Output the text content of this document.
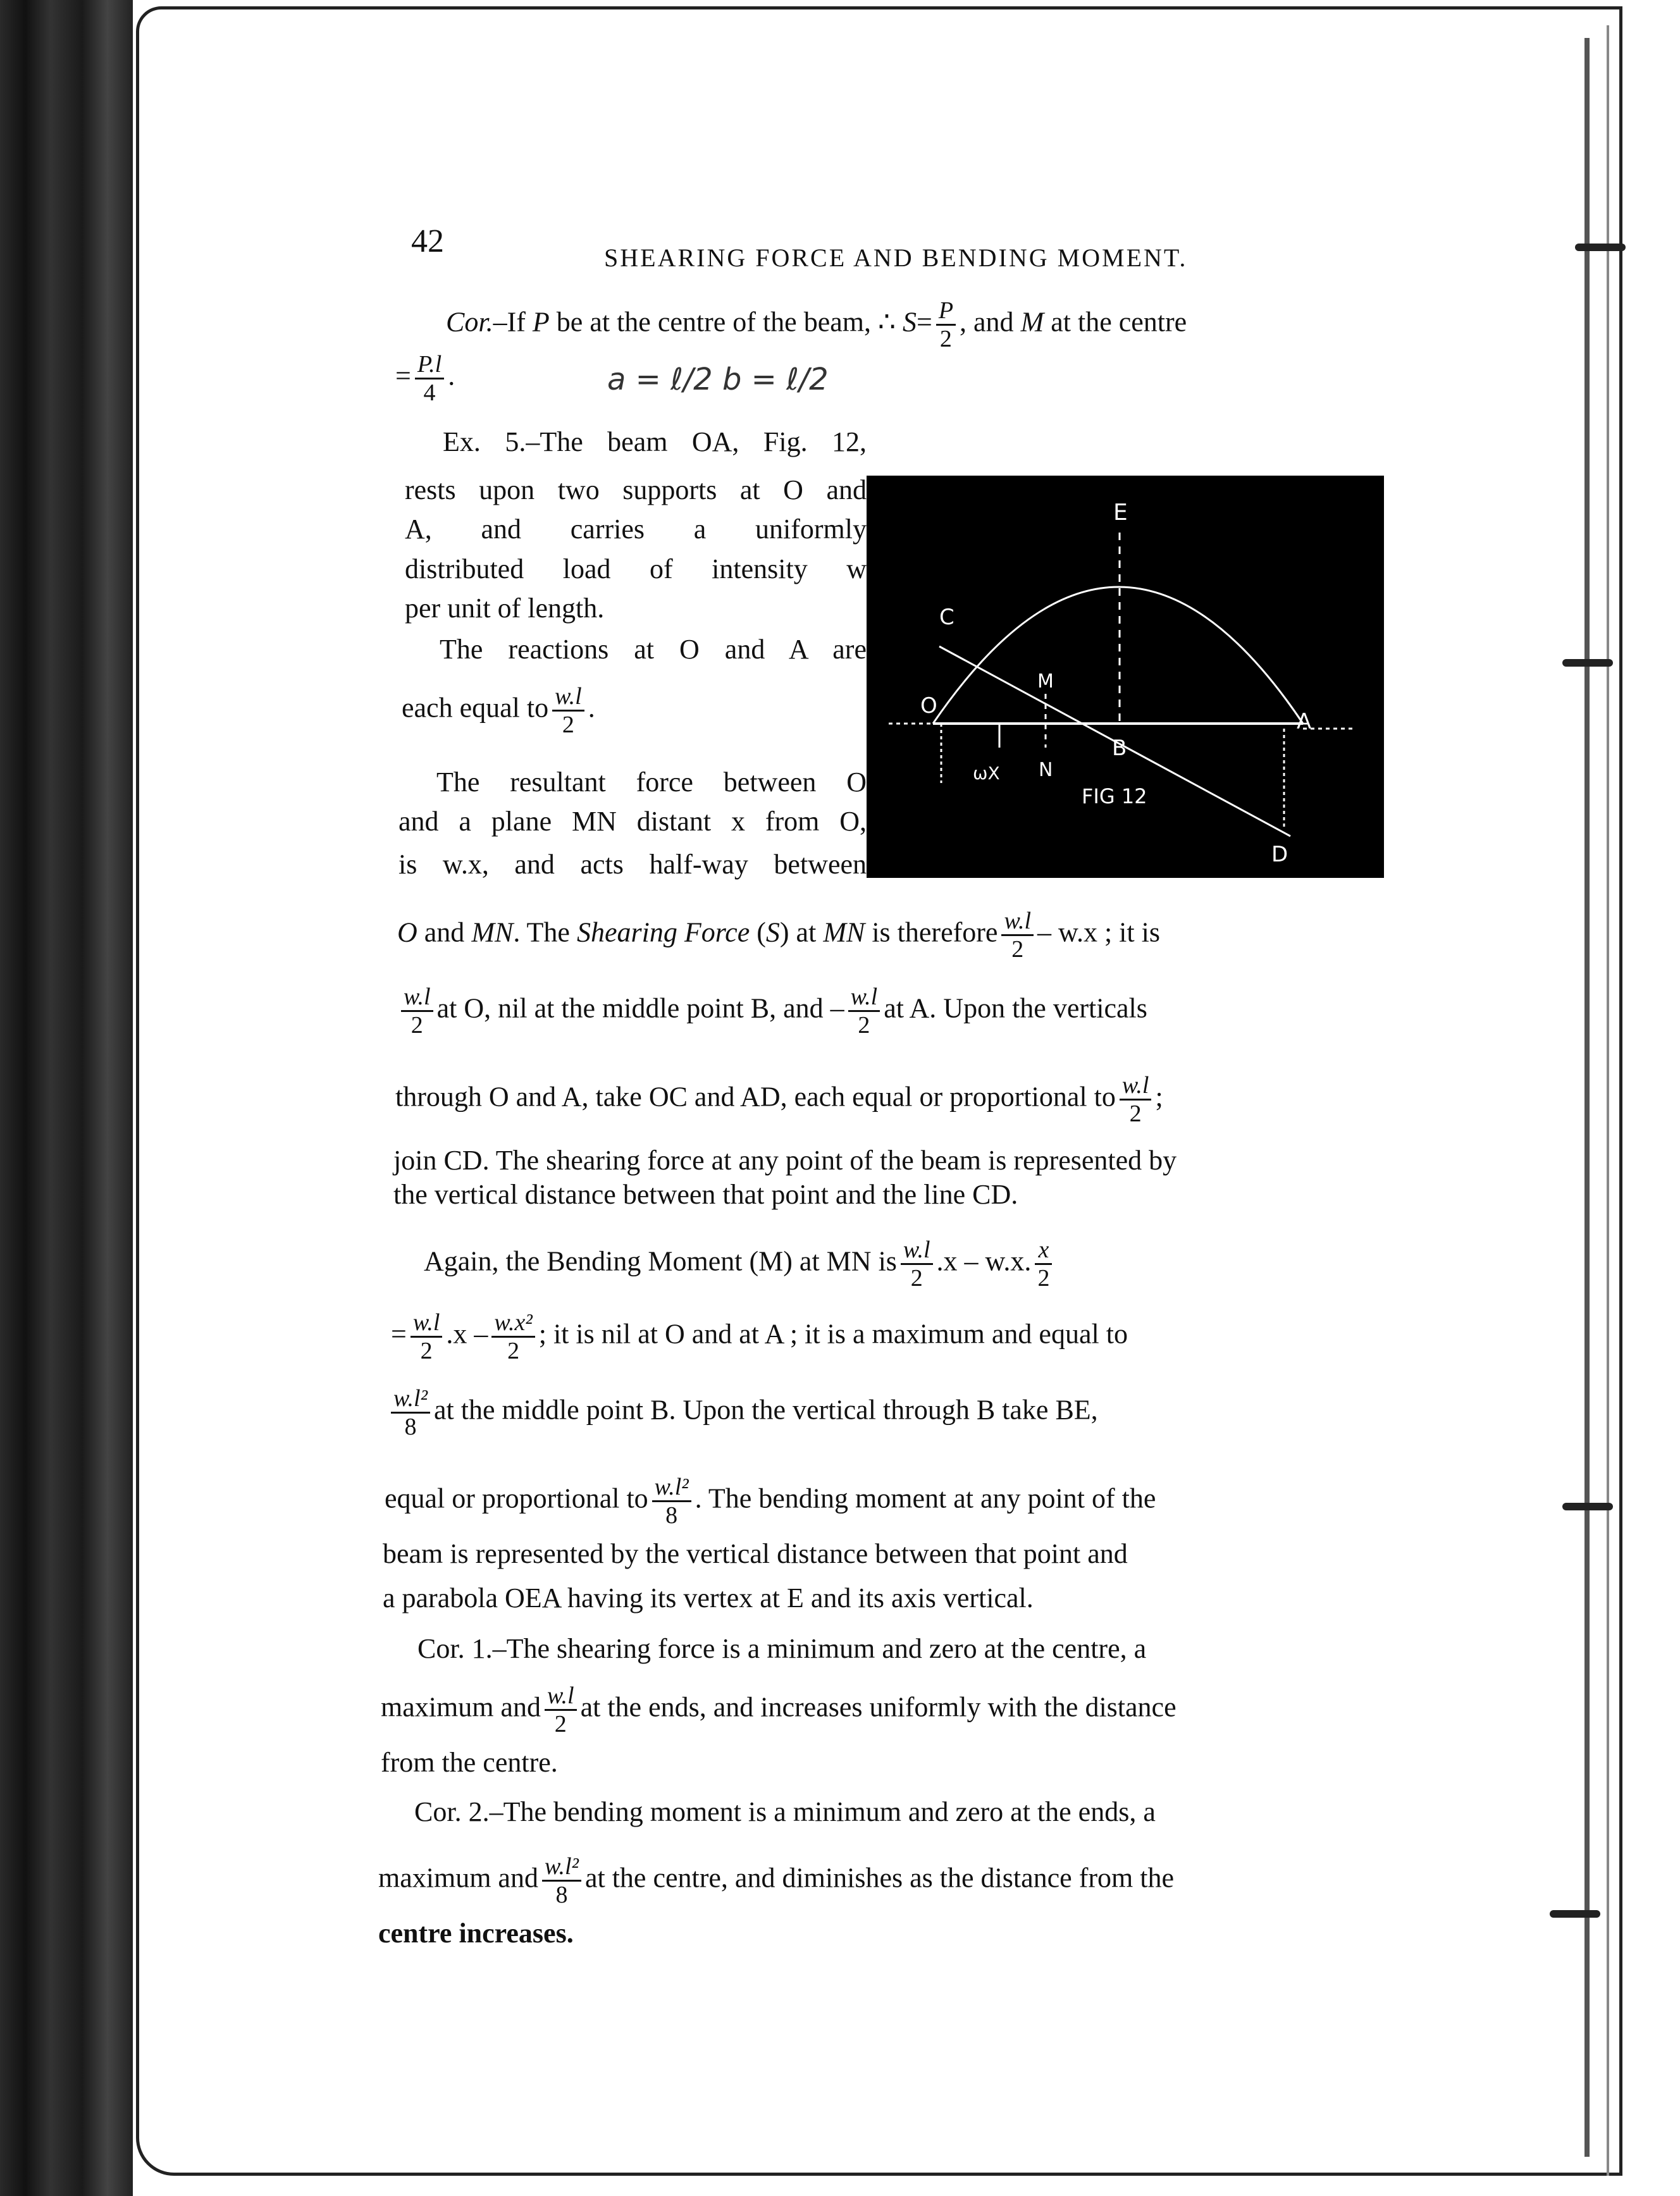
42	SHEARING FORCE AND BENDING MOMENT.
Cor.–If P be at the centre of the beam, ∴ $S= \frac{P}{2}$ , and M at the centre
= $\frac{P.l}{4}$ .	a = ℓ/2 b = ℓ/2
Ex. 5.–The beam OA, Fig. 12,
rests upon two supports at O and
A, and carries a uniformly
distributed load of intensity w
per unit of length.
The reactions at O and A are
each equal to $\frac{w.l}{2}$ .
The resultant force between O
and a plane MN distant x from O,
is w.x, and acts half-way between
E
C
M
O
A
B
N
ωX
D
FIG 12
O and MN. The Shearing Force (S) at MN is therefore $\frac{w.l}{2} - w.x$ ; it is
$\frac{w.l}{2}$ at O, nil at the middle point B, and – $\frac{w.l}{2}$ at A. Upon the verticals
through O and A, take OC and AD, each equal or proportional to $\frac{w.l}{2}$ ;
join CD. The shearing force at any point of the beam is represented by
the vertical distance between that point and the line CD.
Again, the Bending Moment (M) at MN is $\frac{w.l}{2} .x - w.x$. $\frac{x}{2}$
= $\frac{w.l}{2} .x - \frac{\text{w.x²}}{2}$ ; it is nil at O and at A ; it is a maximum and equal to
$\frac{\text{w.l²}}{8}$ at the middle point B. Upon the vertical through B take BE,
equal or proportional to $\frac{\text{w.l²}}{8}$ . The bending moment at any point of the
beam is represented by the vertical distance between that point and
a parabola OEA having its vertex at E and its axis vertical.
Cor. 1.–The shearing force is a minimum and zero at the centre, a
maximum and $\frac{w.l}{2}$ at the ends, and increases uniformly with the distance
from the centre.
Cor. 2.–The bending moment is a minimum and zero at the ends, a
maximum and $\frac{\text{w.l²}}{8}$ at the centre, and diminishes as the distance from the
centre increases.
